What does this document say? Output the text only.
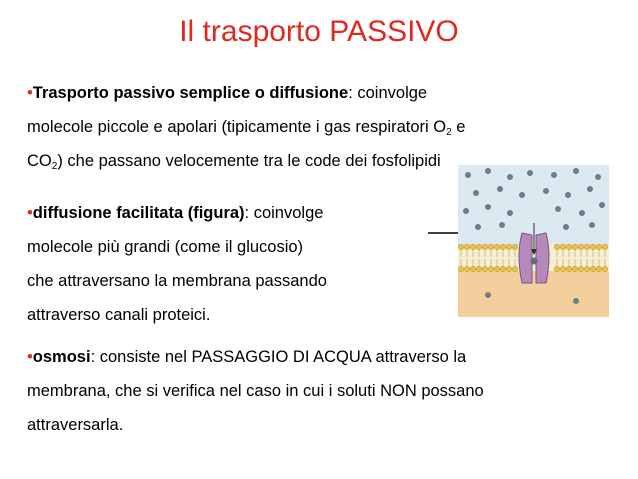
Il trasporto PASSIVO
•Trasporto passivo semplice o diffusione: coinvolge
molecole piccole e apolari (tipicamente i gas respiratori $O_2$ e
$CO_2$) che passano velocemente tra le code dei fosfolipidi
•diffusione facilitata (figura): coinvolge
molecole più grandi (come il glucosio)
che attraversano la membrana passando
attraverso canali proteici.
•osmosi: consiste nel PASSAGGIO DI ACQUA attraverso la
membrana, che si verifica nel caso in cui i soluti NON possano
attraversarla.
